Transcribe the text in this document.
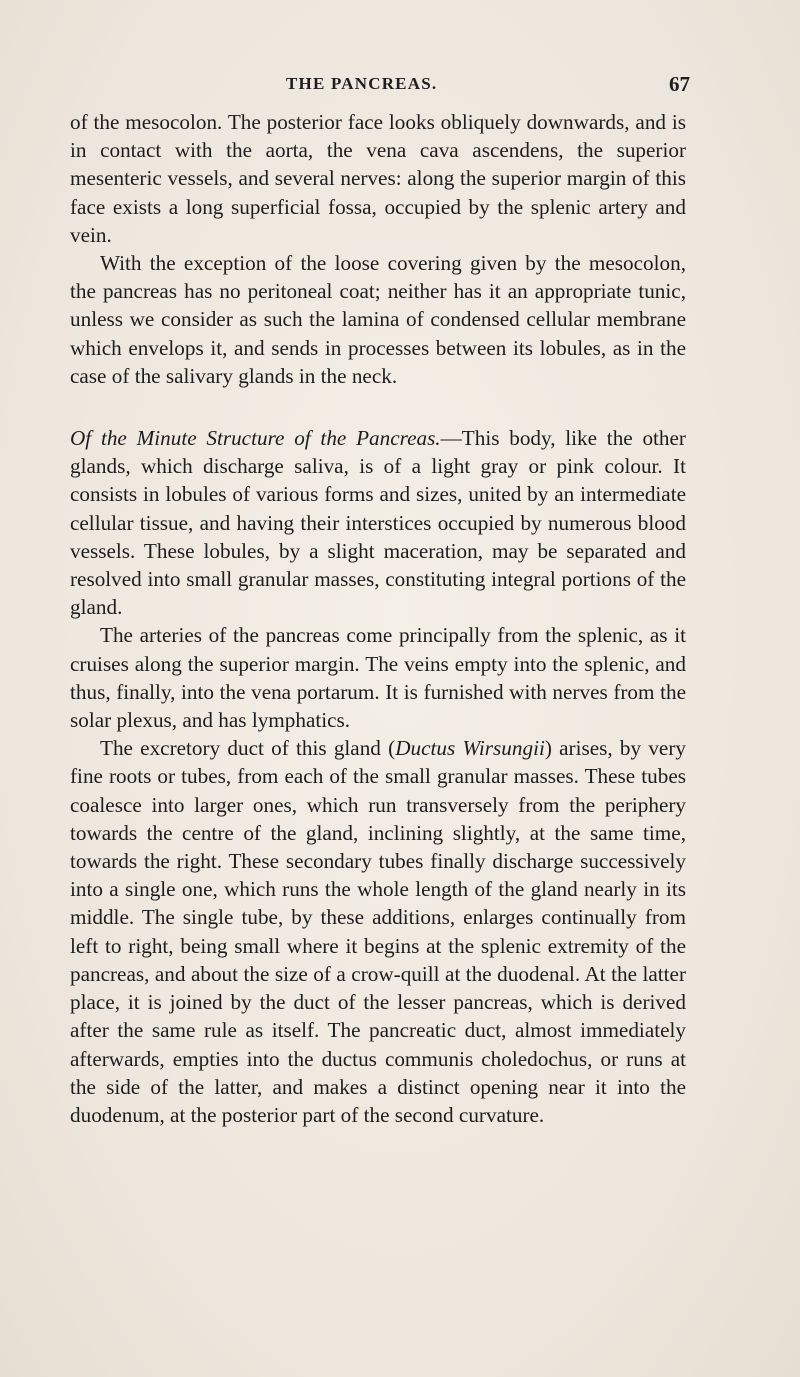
THE PANCREAS.	67

of the mesocolon. The posterior face looks obliquely downwards, and is in contact with the aorta, the vena cava ascendens, the superior mesenteric vessels, and several nerves: along the superior margin of this face exists a long superficial fossa, occupied by the splenic artery and vein.

With the exception of the loose covering given by the mesocolon, the pancreas has no peritoneal coat; neither has it an appropriate tunic, unless we consider as such the lamina of condensed cellular membrane which envelops it, and sends in processes between its lobules, as in the case of the salivary glands in the neck.

Of the Minute Structure of the Pancreas.—This body, like the other glands, which discharge saliva, is of a light gray or pink colour. It consists in lobules of various forms and sizes, united by an intermediate cellular tissue, and having their interstices occupied by numerous blood vessels. These lobules, by a slight maceration, may be separated and resolved into small granular masses, constituting integral portions of the gland.

The arteries of the pancreas come principally from the splenic, as it cruises along the superior margin. The veins empty into the splenic, and thus, finally, into the vena portarum. It is furnished with nerves from the solar plexus, and has lymphatics.

The excretory duct of this gland (Ductus Wirsungii) arises, by very fine roots or tubes, from each of the small granular masses. These tubes coalesce into larger ones, which run transversely from the periphery towards the centre of the gland, inclining slightly, at the same time, towards the right. These secondary tubes finally discharge successively into a single one, which runs the whole length of the gland nearly in its middle. The single tube, by these additions, enlarges continually from left to right, being small where it begins at the splenic extremity of the pancreas, and about the size of a crow-quill at the duodenal. At the latter place, it is joined by the duct of the lesser pancreas, which is derived after the same rule as itself. The pancreatic duct, almost immediately afterwards, empties into the ductus communis choledochus, or runs at the side of the latter, and makes a distinct opening near it into the duodenum, at the posterior part of the second curvature.
